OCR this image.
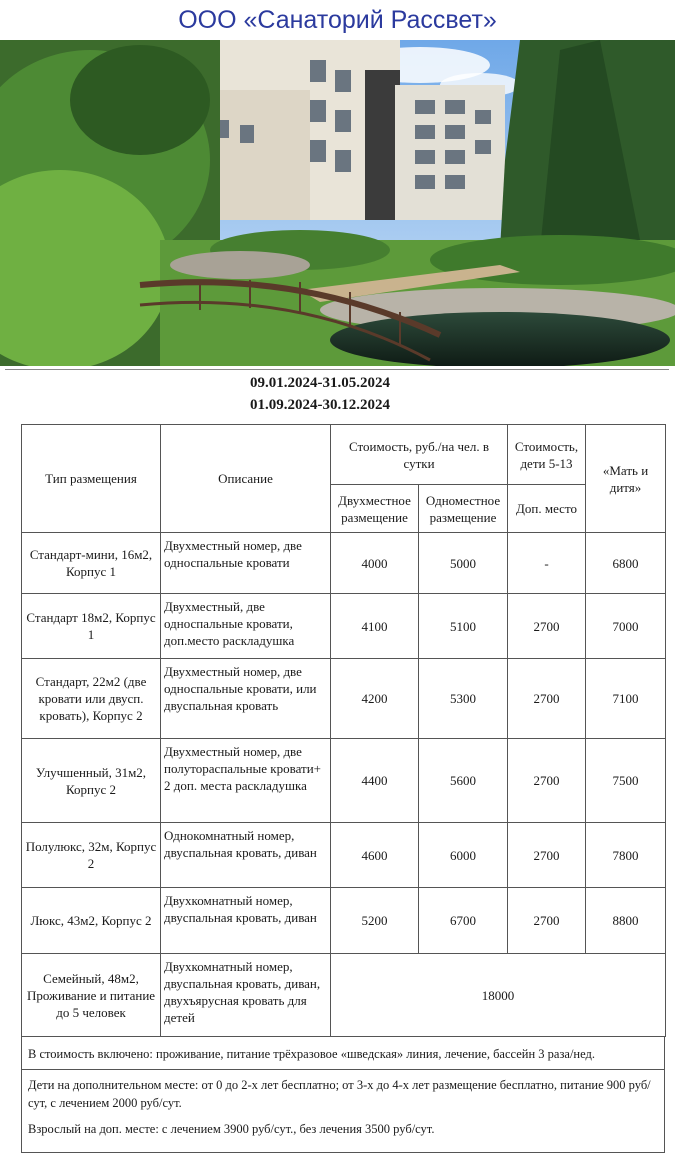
ООО «Санаторий Рассвет»
09.01.2024-31.05.2024
01.09.2024-30.12.2024
Тип размещения	Описание	Стоимость, руб./на чел. в сутки		Стоимость, дети 5-13	«Мать и дитя»
		Двухместное размещение	Одноместное размещение	Доп. место	
Стандарт-мини, 16м2, Корпус 1	Двухместный номер, две односпальные кровати	4000	5000	-	6800
Стандарт 18м2, Корпус 1	Двухместный, две односпальные кровати, доп.место раскладушка	4100	5100	2700	7000
Стандарт, 22м2 (две кровати или двусп. кровать), Корпус 2	Двухместный номер, две односпальные кровати, или двуспальная кровать	4200	5300	2700	7100
Улучшенный, 31м2, Корпус 2	Двухместный номер, две полуторaспальные кровати+ 2 доп. места раскладушка	4400	5600	2700	7500
Полулюкс, 32м, Корпус 2	Однокомнатный номер, двуспальная кровать, диван	4600	6000	2700	7800
Люкс, 43м2, Корпус 2	Двухкомнатный номер, двуспальная кровать, диван	5200	6700	2700	8800
Семейный, 48м2, Проживание и питание до 5 человек	Двухкомнатный номер, двуспальная кровать, диван, двухъярусная кровать для детей	18000			
В стоимость включено: проживание, питание трёхразовое «шведская» линия, лечение, бассейн 3 раза/нед.

Дети на дополнительном месте: от 0 до 2-х лет бесплатно; от 3-х до 4-х лет размещение бесплатно, питание 900 руб/сут, с лечением 2000 руб/сут.

Взрослый на доп. месте: с лечением 3900 руб/сут., без лечения 3500 руб/сут.
